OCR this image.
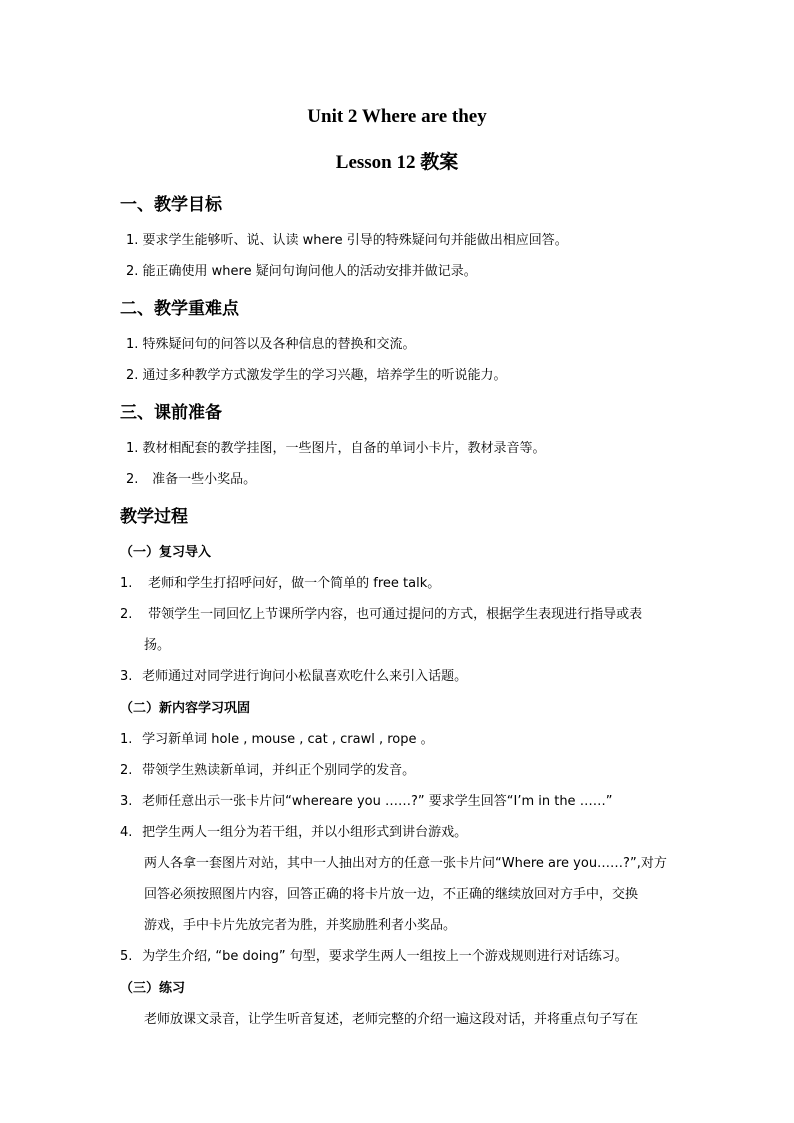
Unit 2 Where are they
Lesson 12 教案
一、教学目标
1. 要求学生能够听、说、认读 where 引导的特殊疑问句并能做出相应回答。
2. 能正确使用 where 疑问句询问他人的活动安排并做记录。
二、教学重难点
1. 特殊疑问句的问答以及各种信息的替换和交流。
2. 通过多种教学方式激发学生的学习兴趣，培养学生的听说能力。
三、课前准备
1. 教材相配套的教学挂图，一些图片，自备的单词小卡片，教材录音等。
2. 准备一些小奖品。
教学过程
（一）复习导入
1. 老师和学生打招呼问好，做一个简单的 free talk。
2. 带领学生一同回忆上节课所学内容，也可通过提问的方式，根据学生表现进行指导或表
扬。
3. 老师通过对同学进行询问小松鼠喜欢吃什么来引入话题。
（二）新内容学习巩固
1. 学习新单词 hole , mouse , cat , crawl , rope 。
2. 带领学生熟读新单词，并纠正个别同学的发音。
3. 老师任意出示一张卡片问“whereare you ……?” 要求学生回答“I’m in the ……”
4. 把学生两人一组分为若干组，并以小组形式到讲台游戏。
两人各拿一套图片对站，其中一人抽出对方的任意一张卡片问“Where are you……?”,对方
回答必须按照图片内容，回答正确的将卡片放一边，不正确的继续放回对方手中，交换
游戏，手中卡片先放完者为胜，并奖励胜利者小奖品。
5. 为学生介绍, “be doing” 句型，要求学生两人一组按上一个游戏规则进行对话练习。
（三）练习
老师放课文录音，让学生听音复述，老师完整的介绍一遍这段对话，并将重点句子写在
